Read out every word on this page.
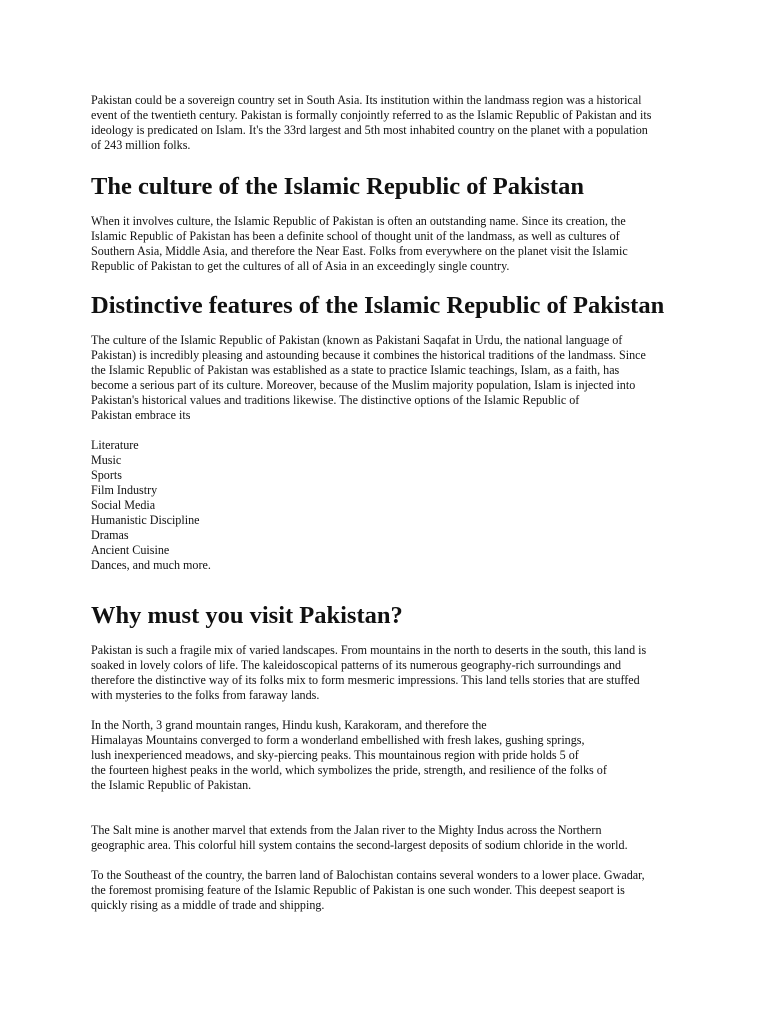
Pakistan could be a sovereign country set in South Asia. Its institution within the landmass region was a historical
event of the twentieth century. Pakistan is formally conjointly referred to as the Islamic Republic of Pakistan and its
ideology is predicated on Islam. It's the 33rd largest and 5th most inhabited country on the planet with a population
of 243 million folks.

The culture of the Islamic Republic of Pakistan

When it involves culture, the Islamic Republic of Pakistan is often an outstanding name. Since its creation, the
Islamic Republic of Pakistan has been a definite school of thought unit of the landmass, as well as cultures of
Southern Asia, Middle Asia, and therefore the Near East. Folks from everywhere on the planet visit the Islamic
Republic of Pakistan to get the cultures of all of Asia in an exceedingly single country.

Distinctive features of the Islamic Republic of Pakistan

The culture of the Islamic Republic of Pakistan (known as Pakistani Saqafat in Urdu, the national language of
Pakistan) is incredibly pleasing and astounding because it combines the historical traditions of the landmass. Since
the Islamic Republic of Pakistan was established as a state to practice Islamic teachings, Islam, as a faith, has
become a serious part of its culture. Moreover, because of the Muslim majority population, Islam is injected into
Pakistan's historical values and traditions likewise. The distinctive options of the Islamic Republic of
Pakistan embrace its

Literature
Music
Sports
Film Industry
Social Media
Humanistic Discipline
Dramas
Ancient Cuisine
Dances, and much more.
Why must you visit Pakistan?

Pakistan is such a fragile mix of varied landscapes. From mountains in the north to deserts in the south, this land is
soaked in lovely colors of life. The kaleidoscopical patterns of its numerous geography-rich surroundings and
therefore the distinctive way of its folks mix to form mesmeric impressions. This land tells stories that are stuffed
with mysteries to the folks from faraway lands.

In the North, 3 grand mountain ranges, Hindu kush, Karakoram, and therefore the
Himalayas Mountains converged to form a wonderland embellished with fresh lakes, gushing springs,
lush inexperienced meadows, and sky-piercing peaks. This mountainous region with pride holds 5 of
the fourteen highest peaks in the world, which symbolizes the pride, strength, and resilience of the folks of
the Islamic Republic of Pakistan.

The Salt mine is another marvel that extends from the Jalan river to the Mighty Indus across the Northern
geographic area. This colorful hill system contains the second-largest deposits of sodium chloride in the world.

To the Southeast of the country, the barren land of Balochistan contains several wonders to a lower place. Gwadar,
the foremost promising feature of the Islamic Republic of Pakistan is one such wonder. This deepest seaport is
quickly rising as a middle of trade and shipping.
